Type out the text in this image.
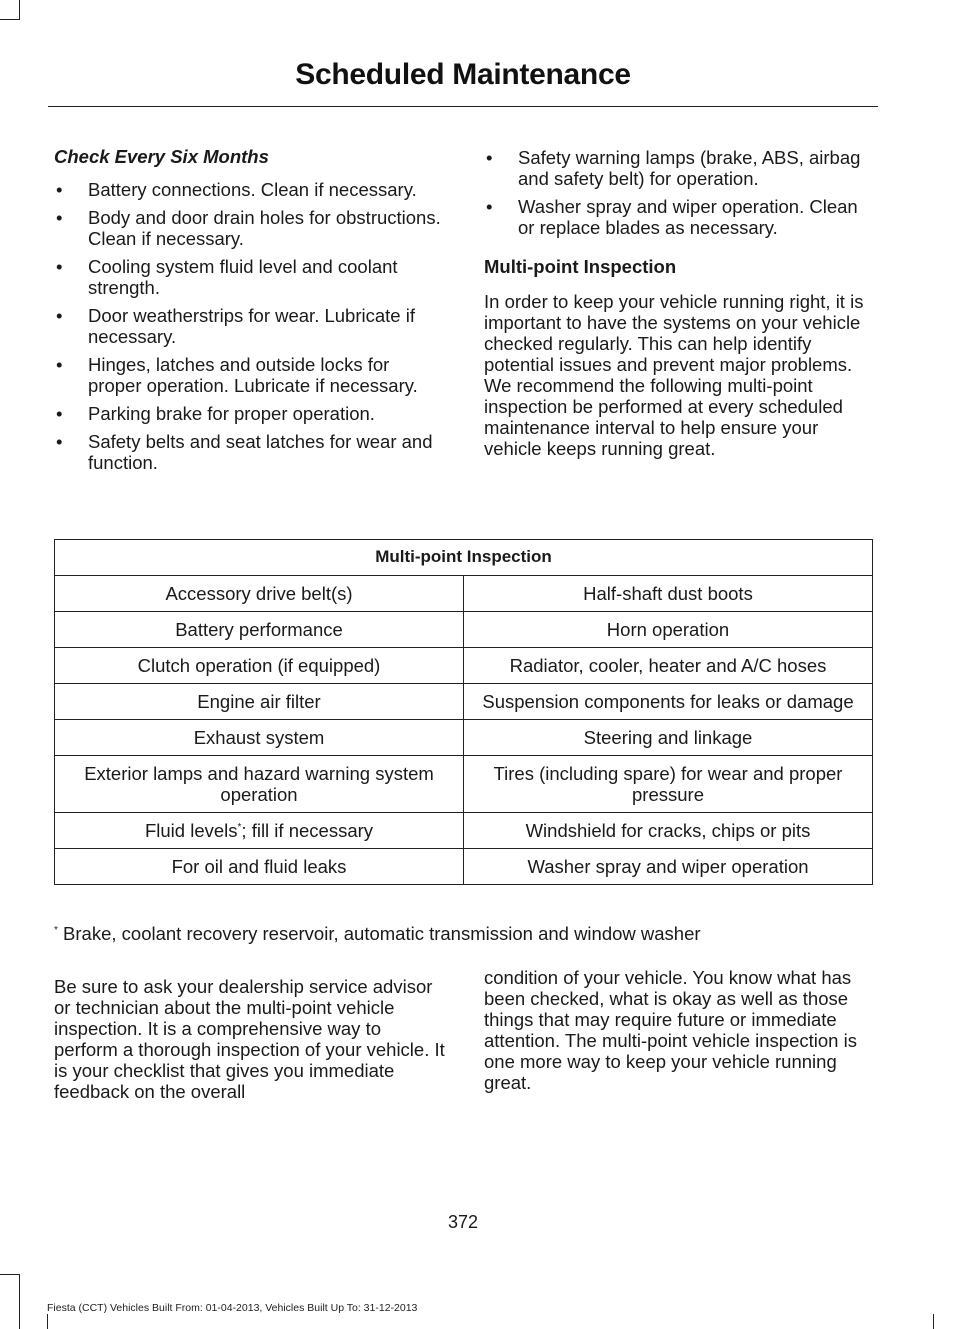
Scheduled Maintenance
Check Every Six Months
• Battery connections. Clean if necessary.
• Body and door drain holes for obstructions. Clean if necessary.
• Cooling system fluid level and coolant strength.
• Door weatherstrips for wear. Lubricate if necessary.
• Hinges, latches and outside locks for proper operation. Lubricate if necessary.
• Parking brake for proper operation.
• Safety belts and seat latches for wear and function.
• Safety warning lamps (brake, ABS, airbag and safety belt) for operation.
• Washer spray and wiper operation. Clean or replace blades as necessary.
Multi-point Inspection

In order to keep your vehicle running right, it is important to have the systems on your vehicle checked regularly. This can help identify potential issues and prevent major problems. We recommend the following multi-point inspection be performed at every scheduled maintenance interval to help ensure your vehicle keeps running great.

Multi-point Inspection	
Accessory drive belt(s)	Half-shaft dust boots
Battery performance	Horn operation
Clutch operation (if equipped)	Radiator, cooler, heater and A/C hoses
Engine air filter	Suspension components for leaks or damage
Exhaust system	Steering and linkage
Exterior lamps and hazard warning system operation	Tires (including spare) for wear and proper pressure
Fluid levels*; fill if necessary	Windshield for cracks, chips or pits
For oil and fluid leaks	Washer spray and wiper operation
* Brake, coolant recovery reservoir, automatic transmission and window washer

Be sure to ask your dealership service advisor or technician about the multi-point vehicle inspection. It is a comprehensive way to perform a thorough inspection of your vehicle. It is your checklist that gives you immediate feedback on the overall

condition of your vehicle. You know what has been checked, what is okay as well as those things that may require future or immediate attention. The multi-point vehicle inspection is one more way to keep your vehicle running great.

372
Fiesta (CCT) Vehicles Built From: 01-04-2013, Vehicles Built Up To: 31-12-2013
